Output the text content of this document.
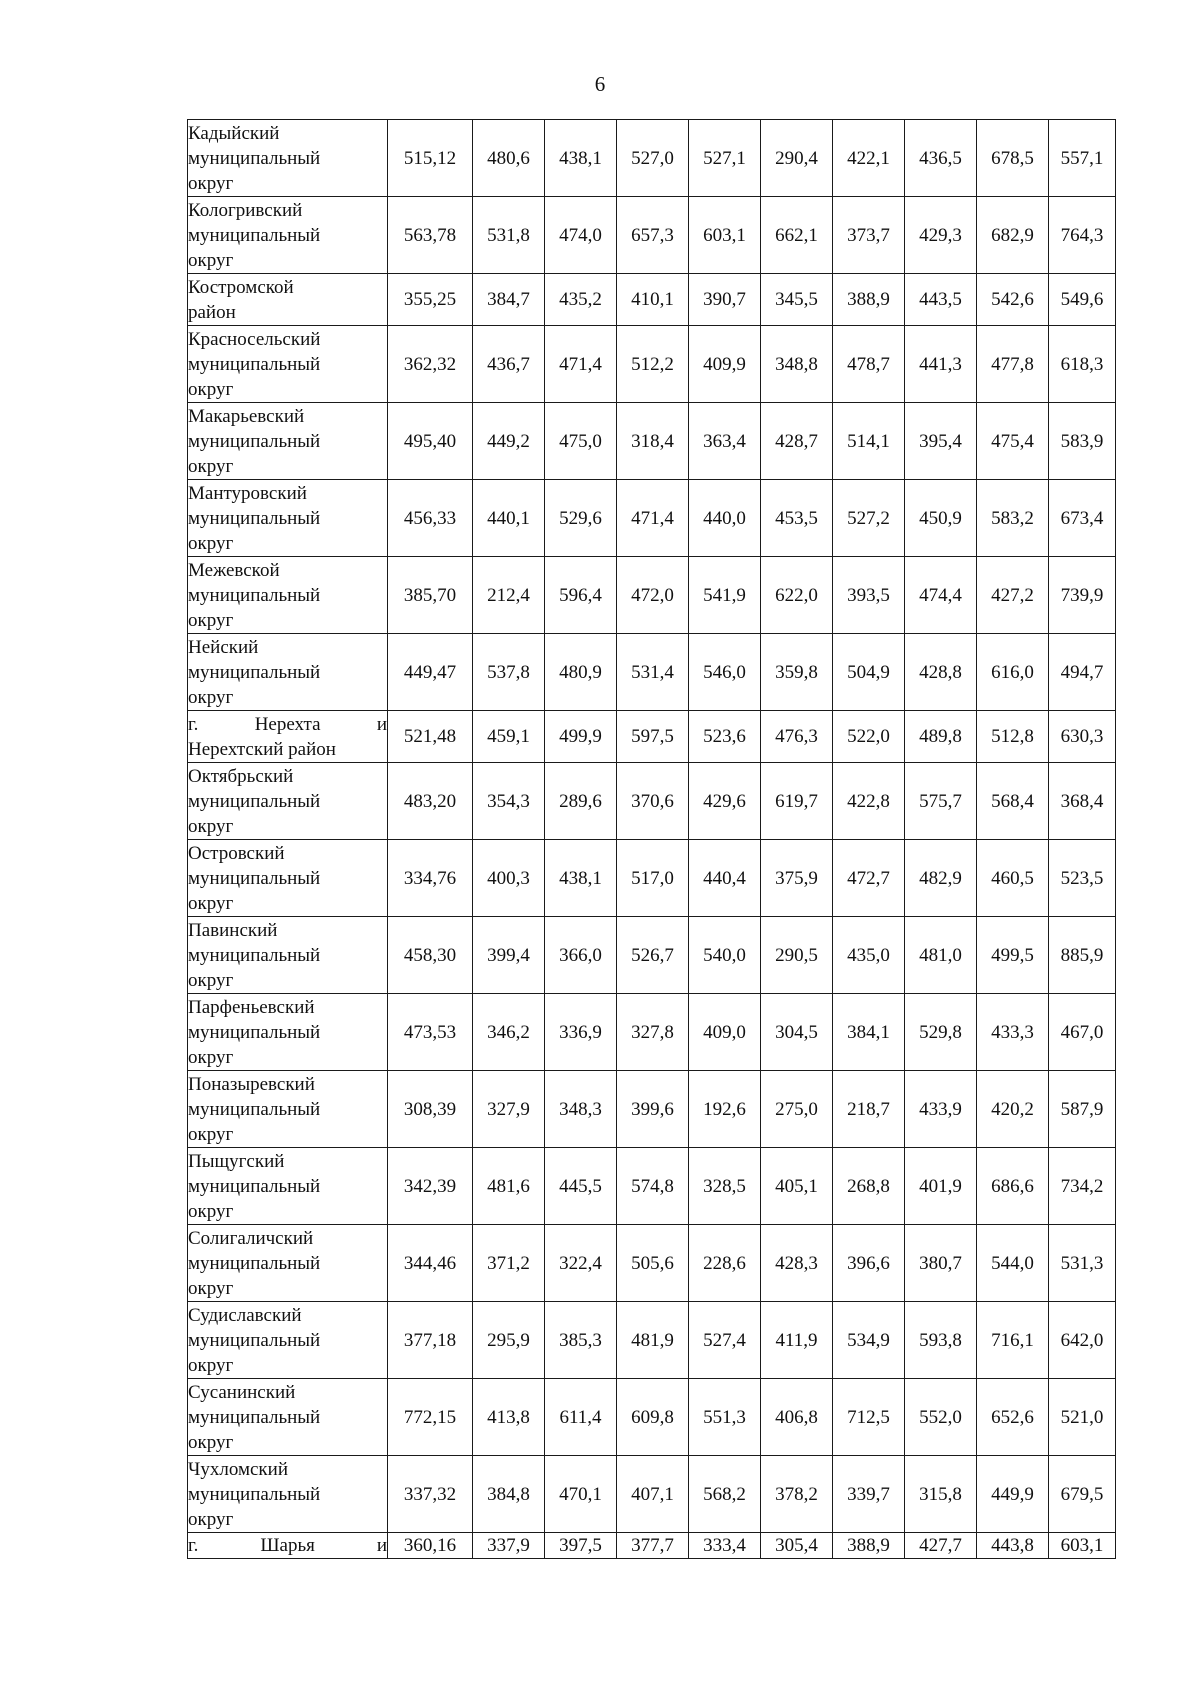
6
Кадыйский
муниципальный
округ	515,12	480,6	438,1	527,0	527,1	290,4	422,1	436,5	678,5	557,1

Кологривский
муниципальный
округ	563,78	531,8	474,0	657,3	603,1	662,1	373,7	429,3	682,9	764,3

Костромской
район	355,25	384,7	435,2	410,1	390,7	345,5	388,9	443,5	542,6	549,6

Красносельский
муниципальный
округ	362,32	436,7	471,4	512,2	409,9	348,8	478,7	441,3	477,8	618,3

Макарьевский
муниципальный
округ	495,40	449,2	475,0	318,4	363,4	428,7	514,1	395,4	475,4	583,9

Мантуровский
муниципальный
округ	456,33	440,1	529,6	471,4	440,0	453,5	527,2	450,9	583,2	673,4

Межевской
муниципальный
округ	385,70	212,4	596,4	472,0	541,9	622,0	393,5	474,4	427,2	739,9

Нейский
муниципальный
округ	449,47	537,8	480,9	531,4	546,0	359,8	504,9	428,8	616,0	494,7

г. Нерехта и
Нерехтский район	521,48	459,1	499,9	597,5	523,6	476,3	522,0	489,8	512,8	630,3

Октябрьский
муниципальный
округ	483,20	354,3	289,6	370,6	429,6	619,7	422,8	575,7	568,4	368,4

Островский
муниципальный
округ	334,76	400,3	438,1	517,0	440,4	375,9	472,7	482,9	460,5	523,5

Павинский
муниципальный
округ	458,30	399,4	366,0	526,7	540,0	290,5	435,0	481,0	499,5	885,9

Парфеньевский
муниципальный
округ	473,53	346,2	336,9	327,8	409,0	304,5	384,1	529,8	433,3	467,0

Поназыревский
муниципальный
округ	308,39	327,9	348,3	399,6	192,6	275,0	218,7	433,9	420,2	587,9

Пыщугский
муниципальный
округ	342,39	481,6	445,5	574,8	328,5	405,1	268,8	401,9	686,6	734,2

Солигаличский
муниципальный
округ	344,46	371,2	322,4	505,6	228,6	428,3	396,6	380,7	544,0	531,3

Судиславский
муниципальный
округ	377,18	295,9	385,3	481,9	527,4	411,9	534,9	593,8	716,1	642,0

Сусанинский
муниципальный
округ	772,15	413,8	611,4	609,8	551,3	406,8	712,5	552,0	652,6	521,0

Чухломский
муниципальный
округ	337,32	384,8	470,1	407,1	568,2	378,2	339,7	315,8	449,9	679,5

г. Шарья и	360,16	337,9	397,5	377,7	333,4	305,4	388,9	427,7	443,8	603,1
